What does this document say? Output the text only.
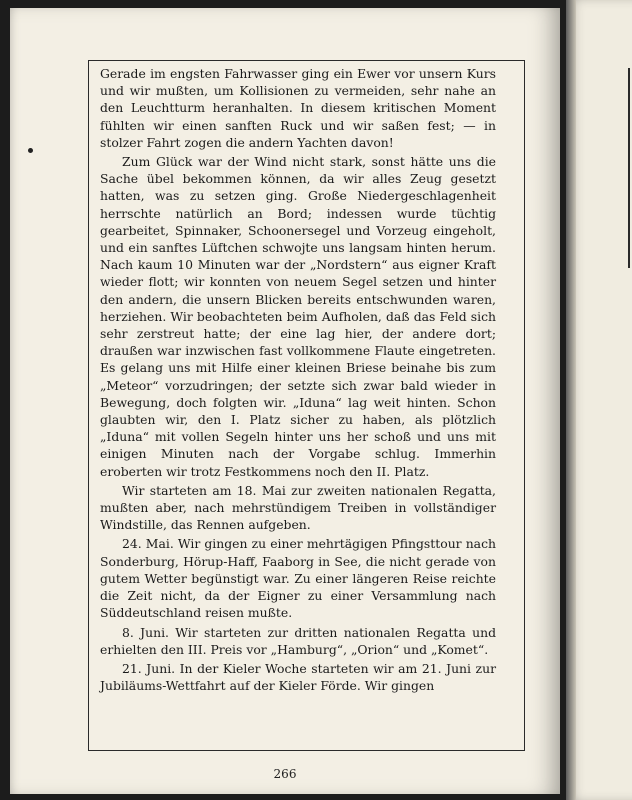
Gerade im engsten Fahrwasser ging ein Ewer vor unsern Kurs und wir mußten, um Kollisionen zu vermeiden, sehr nahe an den Leuchtturm heranhalten. In diesem kritischen Moment fühlten wir einen sanften Ruck und wir saßen fest; — in stolzer Fahrt zogen die andern Yachten davon!

Zum Glück war der Wind nicht stark, sonst hätte uns die Sache übel bekommen können, da wir alles Zeug gesetzt hatten, was zu setzen ging. Große Niedergeschlagenheit herrschte natürlich an Bord; indessen wurde tüchtig gearbeitet, Spinnaker, Schoonersegel und Vorzeug eingeholt, und ein sanftes Lüftchen schwojte uns langsam hinten herum. Nach kaum 10 Minuten war der „Nordstern“ aus eigner Kraft wieder flott; wir konnten von neuem Segel setzen und hinter den andern, die unsern Blicken bereits entschwunden waren, herziehen. Wir beobachteten beim Aufholen, daß das Feld sich sehr zerstreut hatte; der eine lag hier, der andere dort; draußen war inzwischen fast vollkommene Flaute eingetreten. Es gelang uns mit Hilfe einer kleinen Briese beinahe bis zum „Meteor“ vorzudringen; der setzte sich zwar bald wieder in Bewegung, doch folgten wir. „Iduna“ lag weit hinten. Schon glaubten wir, den I. Platz sicher zu haben, als plötzlich „Iduna“ mit vollen Segeln hinter uns her schoß und uns mit einigen Minuten nach der Vorgabe schlug. Immerhin eroberten wir trotz Festkommens noch den II. Platz.

Wir starteten am 18. Mai zur zweiten nationalen Regatta, mußten aber, nach mehrstündigem Treiben in vollständiger Windstille, das Rennen aufgeben.

24. Mai. Wir gingen zu einer mehrtägigen Pfingsttour nach Sonderburg, Hörup-Haff, Faaborg in See, die nicht gerade von gutem Wetter begünstigt war. Zu einer längeren Reise reichte die Zeit nicht, da der Eigner zu einer Versammlung nach Süddeutschland reisen mußte.

8. Juni. Wir starteten zur dritten nationalen Regatta und erhielten den III. Preis vor „Hamburg“, „Orion“ und „Komet“.

21. Juni. In der Kieler Woche starteten wir am 21. Juni zur Jubiläums-Wettfahrt auf der Kieler Förde. Wir gingen

266
